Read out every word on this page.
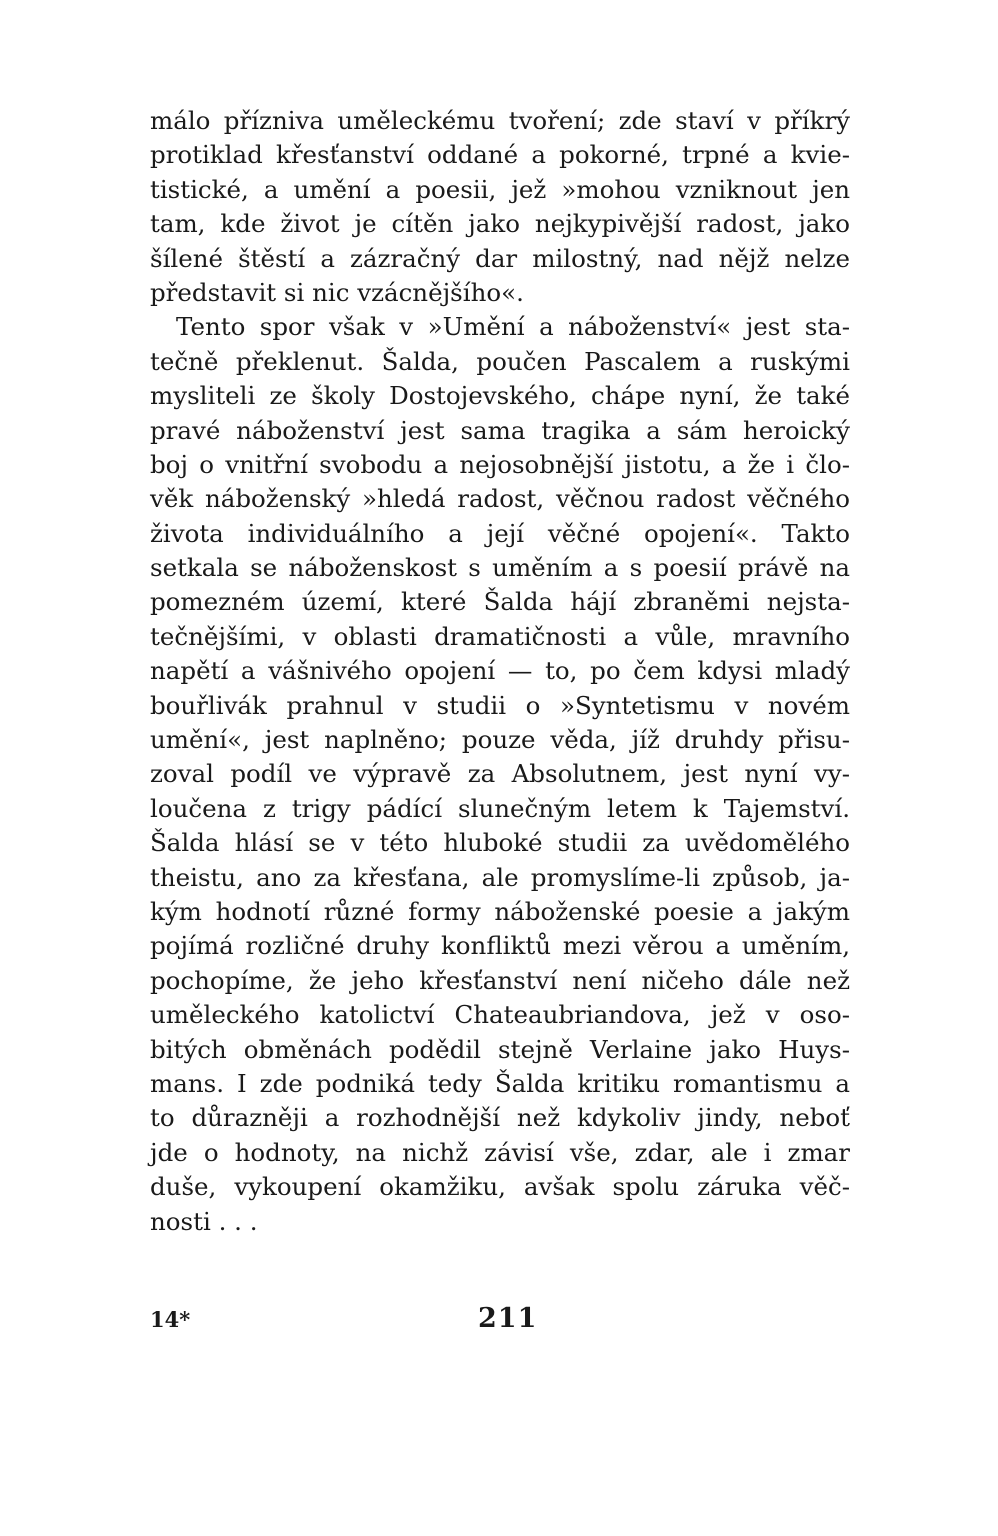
málo přízniva uměleckému tvoření; zde staví v příkrý
protiklad křesťanství oddané a pokorné, trpné a kvie-
tistické, a umění a poesii, jež »mohou vzniknout jen
tam, kde život je cítěn jako nejkypivější radost, jako
šílené štěstí a zázračný dar milostný, nad nějž nelze
představit si nic vzácnějšího«.
Tento spor však v »Umění a náboženství« jest sta-
tečně překlenut. Šalda, poučen Pascalem a ruskými
mysliteli ze školy Dostojevského, chápe nyní, že také
pravé náboženství jest sama tragika a sám heroický
boj o vnitřní svobodu a nejosobnější jistotu, a že i člo-
věk náboženský »hledá radost, věčnou radost věčného
života individuálního a její věčné opojení«. Takto
setkala se náboženskost s uměním a s poesií právě na
pomezném území, které Šalda hájí zbraněmi nejsta-
tečnějšími, v oblasti dramatičnosti a vůle, mravního
napětí a vášnivého opojení — to, po čem kdysi mladý
bouřlivák prahnul v studii o »Syntetismu v novém
umění«, jest naplněno; pouze věda, jíž druhdy přisu-
zoval podíl ve výpravě za Absolutnem, jest nyní vy-
loučena z trigy pádící slunečným letem k Tajemství.
Šalda hlásí se v této hluboké studii za uvědomělého
theistu, ano za křesťana, ale promyslíme-li způsob, ja-
kým hodnotí různé formy náboženské poesie a jakým
pojímá rozličné druhy konfliktů mezi věrou a uměním,
pochopíme, že jeho křesťanství není ničeho dále než
uměleckého katolictví Chateaubriandova, jež v oso-
bitých obměnách podědil stejně Verlaine jako Huys-
mans. I zde podniká tedy Šalda kritiku romantismu a
to důrazněji a rozhodnější než kdykoliv jindy, neboť
jde o hodnoty, na nichž závisí vše, zdar, ale i zmar
duše, vykoupení okamžiku, avšak spolu záruka věč-
nosti . . .
14*	211
